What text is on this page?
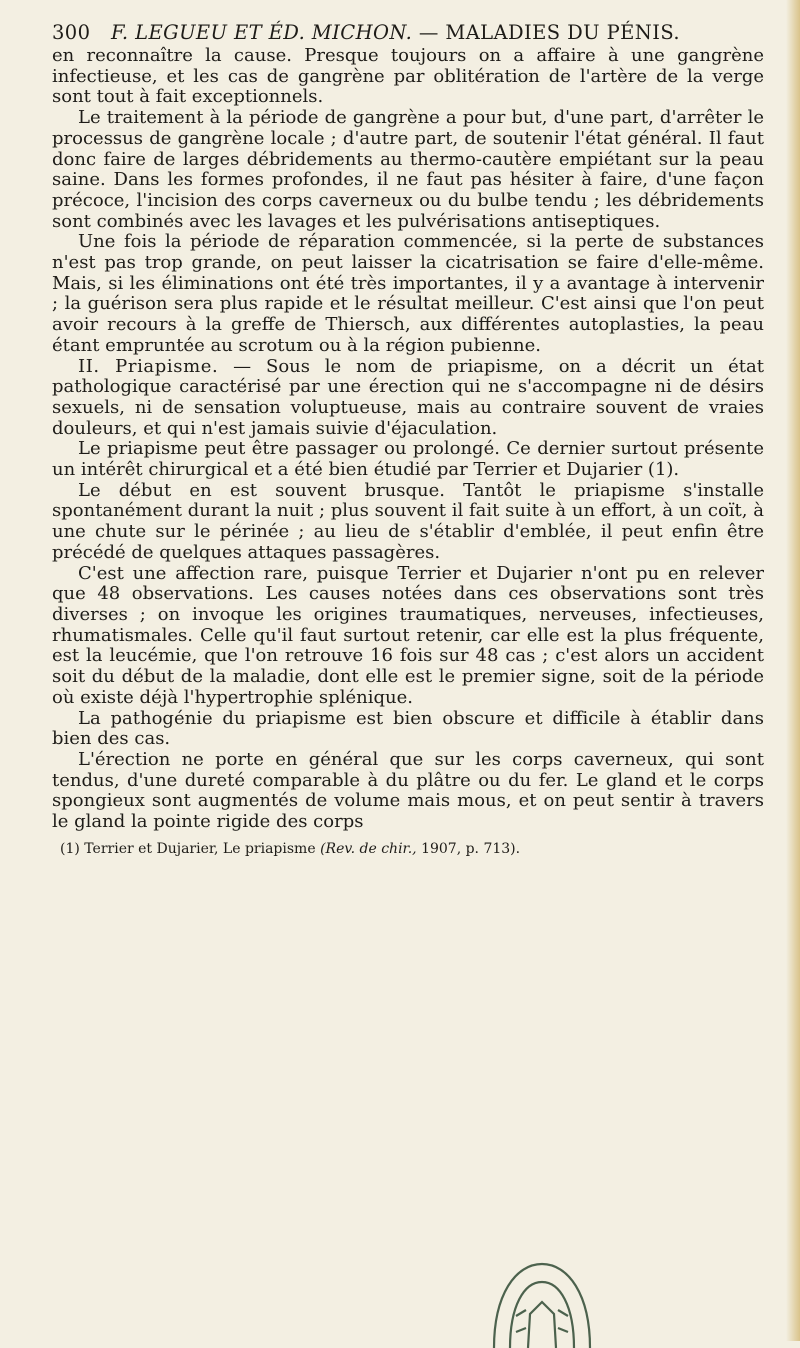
300 F. LEGUEU ET ÉD. MICHON. — MALADIES DU PÉNIS.

en reconnaître la cause. Presque toujours on a affaire à une gangrène infectieuse, et les cas de gangrène par oblitération de l'artère de la verge sont tout à fait exceptionnels.

Le traitement à la période de gangrène a pour but, d'une part, d'arrêter le processus de gangrène locale ; d'autre part, de soutenir l'état général. Il faut donc faire de larges débridements au thermo-cautère empiétant sur la peau saine. Dans les formes profondes, il ne faut pas hésiter à faire, d'une façon précoce, l'incision des corps caverneux ou du bulbe tendu ; les débridements sont combinés avec les lavages et les pulvérisations antiseptiques.

Une fois la période de réparation commencée, si la perte de substances n'est pas trop grande, on peut laisser la cicatrisation se faire d'elle-même. Mais, si les éliminations ont été très importantes, il y a avantage à intervenir ; la guérison sera plus rapide et le résultat meilleur. C'est ainsi que l'on peut avoir recours à la greffe de Thiersch, aux différentes autoplasties, la peau étant empruntée au scrotum ou à la région pubienne.

II. Priapisme. — Sous le nom de priapisme, on a décrit un état pathologique caractérisé par une érection qui ne s'accompagne ni de désirs sexuels, ni de sensation voluptueuse, mais au contraire souvent de vraies douleurs, et qui n'est jamais suivie d'éjaculation.

Le priapisme peut être passager ou prolongé. Ce dernier surtout présente un intérêt chirurgical et a été bien étudié par Terrier et Dujarier (1).

Le début en est souvent brusque. Tantôt le priapisme s'installe spontanément durant la nuit ; plus souvent il fait suite à un effort, à un coït, à une chute sur le périnée ; au lieu de s'établir d'emblée, il peut enfin être précédé de quelques attaques passagères.

C'est une affection rare, puisque Terrier et Dujarier n'ont pu en relever que 48 observations. Les causes notées dans ces observations sont très diverses ; on invoque les origines traumatiques, nerveuses, infectieuses, rhumatismales. Celle qu'il faut surtout retenir, car elle est la plus fréquente, est la leucémie, que l'on retrouve 16 fois sur 48 cas ; c'est alors un accident soit du début de la maladie, dont elle est le premier signe, soit de la période où existe déjà l'hypertrophie splénique.

La pathogénie du priapisme est bien obscure et difficile à établir dans bien des cas.

L'érection ne porte en général que sur les corps caverneux, qui sont tendus, d'une dureté comparable à du plâtre ou du fer. Le gland et le corps spongieux sont augmentés de volume mais mous, et on peut sentir à travers le gland la pointe rigide des corps

(1) Terrier et Dujarier, Le priapisme (Rev. de chir., 1907, p. 713).
